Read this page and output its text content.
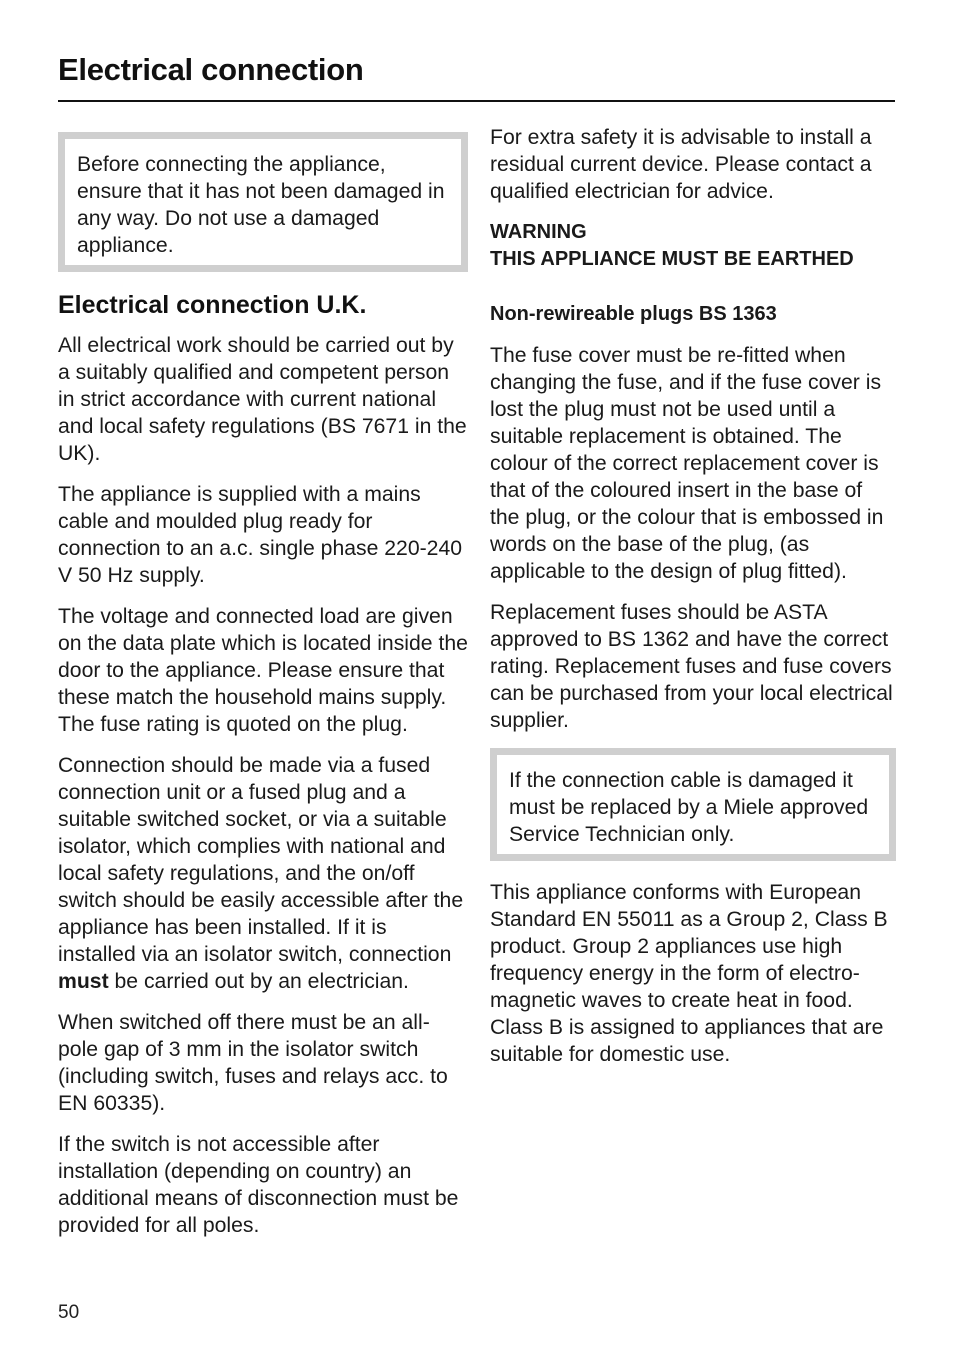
Electrical connection

Before connecting the appliance, ensure that it has not been damaged in any way. Do not use a damaged appliance.

Electrical connection U.K.

All electrical work should be carried out by a suitably qualified and competent person in strict accordance with current national and local safety regulations (BS 7671 in the UK).

The appliance is supplied with a mains cable and moulded plug ready for connection to an a.c. single phase 220-240 V 50 Hz supply.

The voltage and connected load are given on the data plate which is located inside the door to the appliance. Please ensure that these match the household mains supply. The fuse rating is quoted on the plug.

Connection should be made via a fused connection unit or a fused plug and a suitable switched socket, or via a suitable isolator, which complies with national and local safety regulations, and the on/off switch should be easily accessible after the appliance has been installed. If it is installed via an isolator switch, connection must be carried out by an electrician.

When switched off there must be an all-pole gap of 3 mm in the isolator switch (including switch, fuses and relays acc. to EN 60335).

If the switch is not accessible after installation (depending on country) an additional means of disconnection must be provided for all poles.

For extra safety it is advisable to install a residual current device. Please contact a qualified electrician for advice.

WARNING
THIS APPLIANCE MUST BE EARTHED
Non-rewireable plugs BS 1363

The fuse cover must be re-fitted when changing the fuse, and if the fuse cover is lost the plug must not be used until a suitable replacement is obtained. The colour of the correct replacement cover is that of the coloured insert in the base of the plug, or the colour that is embossed in words on the base of the plug, (as applicable to the design of plug fitted).

Replacement fuses should be ASTA approved to BS 1362 and have the correct rating. Replacement fuses and fuse covers can be purchased from your local electrical supplier.

If the connection cable is damaged it must be replaced by a Miele approved Service Technician only.

This appliance conforms with European Standard EN 55011 as a Group 2, Class B product. Group 2 appliances use high frequency energy in the form of electro-magnetic waves to create heat in food. Class B is assigned to appliances that are suitable for domestic use.

50
